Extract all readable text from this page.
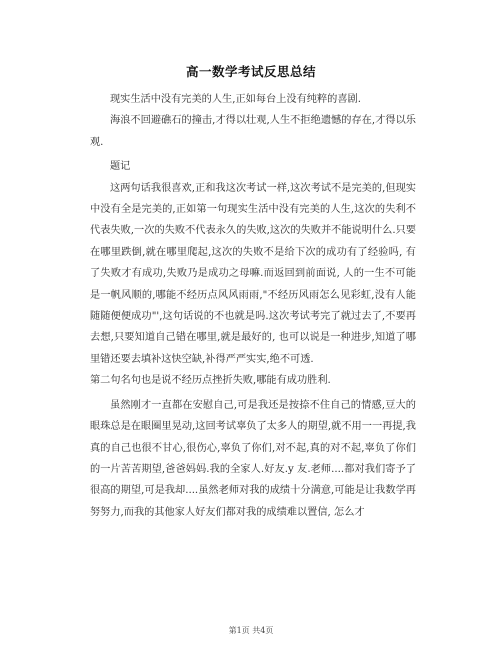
高一数学考试反思总结

现实生活中没有完美的人生,正如每台上没有纯粹的喜剧.

海浪不回避礁石的撞击,才得以壮观,人生不拒绝遗憾的存在,才得以乐观.

题记

这两句话我很喜欢,正和我这次考试一样,这次考试不是完美的,但现实中没有全是完美的,正如第一句现实生活中没有完美的人生,这次的失利不代表失败,一次的失败不代表永久的失败,这次的失败并不能说明什么.只要在哪里跌倒,就在哪里爬起,这次的失败不是给下次的成功有了经验吗, 有了失败才有成功,失败乃是成功之母嘛.而返回到前面说, 人的一生不可能是一帆风顺的,哪能不经历点风风雨雨,"不经历风雨怎么见彩虹,没有人能随随便便成功"',这句话说的不也就是吗.这次考试考完了就过去了,不要再去想,只要知道自己错在哪里,就是最好的, 也可以说是一种进步,知道了哪里错还要去填补这快空缺,补得严严实实,绝不可透.

第二句名句也是说不经历点挫折失败,哪能有成功胜利.

虽然刚才一直都在安慰自己,可是我还是按捺不住自己的情感,豆大的眼珠总是在眼圈里晃动,这回考试辜负了太多人的期望,就不用一一再提,我真的自己也很不甘心,很伤心,辜负了你们,对不起,真的对不起,辜负了你们的一片苦苦期望,爸爸妈妈.我的全家人.好友.y 友.老师....都对我们寄予了很高的期望,可是我却....虽然老师对我的成绩十分满意,可能是让我数学再努努力,而我的其他家人好友们都对我的成绩难以置信, 怎么才

第1页 共4页
